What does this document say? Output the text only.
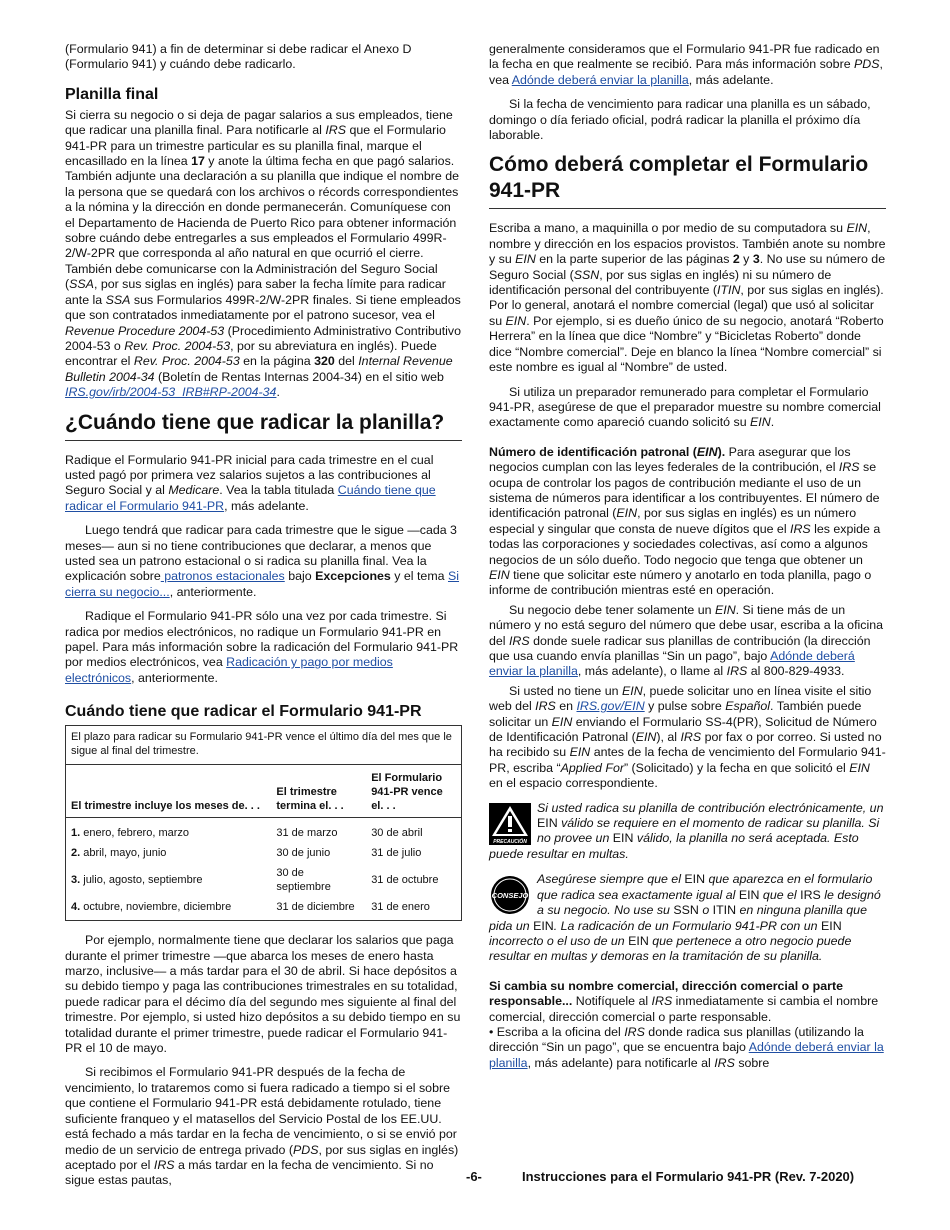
(Formulario 941) a fin de determinar si debe radicar el Anexo D (Formulario 941) y cuándo debe radicarlo.

Planilla final

Si cierra su negocio o si deja de pagar salarios a sus empleados, tiene que radicar una planilla final. Para notificarle al IRS que el Formulario 941-PR para un trimestre particular es su planilla final, marque el encasillado en la línea 17 y anote la última fecha en que pagó salarios. También adjunte una declaración a su planilla que indique el nombre de la persona que se quedará con los archivos o récords correspondientes a la nómina y la dirección en donde permanecerán. Comuníquese con el Departamento de Hacienda de Puerto Rico para obtener información sobre cuándo debe entregarles a sus empleados el Formulario 499R-2/W-2PR que corresponda al año natural en que ocurrió el cierre. También debe comunicarse con la Administración del Seguro Social (SSA, por sus siglas en inglés) para saber la fecha límite para radicar ante la SSA sus Formularios 499R-2/W-2PR finales. Si tiene empleados que son contratados inmediatamente por el patrono sucesor, vea el Revenue Procedure 2004-53 (Procedimiento Administrativo Contributivo 2004-53 o Rev. Proc. 2004-53, por su abreviatura en inglés). Puede encontrar el Rev. Proc. 2004-53 en la página 320 del Internal Revenue Bulletin 2004-34 (Boletín de Rentas Internas 2004-34) en el sitio web IRS.gov/irb/2004-53_IRB#RP-2004-34.

¿Cuándo tiene que radicar la planilla?

Radique el Formulario 941-PR inicial para cada trimestre en el cual usted pagó por primera vez salarios sujetos a las contribuciones al Seguro Social y al Medicare. Vea la tabla titulada Cuándo tiene que radicar el Formulario 941-PR, más adelante.

Luego tendrá que radicar para cada trimestre que le sigue —cada 3 meses— aun si no tiene contribuciones que declarar, a menos que usted sea un patrono estacional o si radica su planilla final. Vea la explicación sobre patronos estacionales bajo Excepciones y el tema Si cierra su negocio..., anteriormente.

Radique el Formulario 941-PR sólo una vez por cada trimestre. Si radica por medios electrónicos, no radique un Formulario 941-PR en papel. Para más información sobre la radicación del Formulario 941-PR por medios electrónicos, vea Radicación y pago por medios electrónicos, anteriormente.

Cuándo tiene que radicar el Formulario 941-PR
El plazo para radicar su Formulario 941-PR vence el último día del mes que le sigue al final del trimestre.
El trimestre incluye los meses de. . .	El trimestre termina el. . .	El Formulario 941-PR vence el. . .
1. enero, febrero, marzo	31 de marzo	30 de abril
2. abril, mayo, junio	30 de junio	31 de julio
3. julio, agosto, septiembre	30 de septiembre	31 de octubre
4. octubre, noviembre, diciembre	31 de diciembre	31 de enero

Por ejemplo, normalmente tiene que declarar los salarios que paga durante el primer trimestre —que abarca los meses de enero hasta marzo, inclusive— a más tardar para el 30 de abril. Si hace depósitos a su debido tiempo y paga las contribuciones trimestrales en su totalidad, puede radicar para el décimo día del segundo mes siguiente al final del trimestre. Por ejemplo, si usted hizo depósitos a su debido tiempo en su totalidad durante el primer trimestre, puede radicar el Formulario 941-PR el 10 de mayo.

Si recibimos el Formulario 941-PR después de la fecha de vencimiento, lo trataremos como si fuera radicado a tiempo si el sobre que contiene el Formulario 941-PR está debidamente rotulado, tiene suficiente franqueo y el matasellos del Servicio Postal de los EE.UU. está fechado a más tardar en la fecha de vencimiento, o si se envió por medio de un servicio de entrega privado (PDS, por sus siglas en inglés) aceptado por el IRS a más tardar en la fecha de vencimiento. Si no sigue estas pautas,

generalmente consideramos que el Formulario 941-PR fue radicado en la fecha en que realmente se recibió. Para más información sobre PDS, vea Adónde deberá enviar la planilla, más adelante.

Si la fecha de vencimiento para radicar una planilla es un sábado, domingo o día feriado oficial, podrá radicar la planilla el próximo día laborable.

Cómo deberá completar el Formulario 941-PR

Escriba a mano, a maquinilla o por medio de su computadora su EIN, nombre y dirección en los espacios provistos. También anote su nombre y su EIN en la parte superior de las páginas 2 y 3. No use su número de Seguro Social (SSN, por sus siglas en inglés) ni su número de identificación personal del contribuyente (ITIN, por sus siglas en inglés). Por lo general, anotará el nombre comercial (legal) que usó al solicitar su EIN. Por ejemplo, si es dueño único de su negocio, anotará “Roberto Herrera” en la línea que dice “Nombre” y “Bicicletas Roberto” donde dice “Nombre comercial”. Deje en blanco la línea “Nombre comercial” si este nombre es igual al “Nombre” de usted.

Si utiliza un preparador remunerado para completar el Formulario 941-PR, asegúrese de que el preparador muestre su nombre comercial exactamente como apareció cuando solicitó su EIN.

Número de identificación patronal (EIN). Para asegurar que los negocios cumplan con las leyes federales de la contribución, el IRS se ocupa de controlar los pagos de contribución mediante el uso de un sistema de números para identificar a los contribuyentes. El número de identificación patronal (EIN, por sus siglas en inglés) es un número especial y singular que consta de nueve dígitos que el IRS les expide a todas las corporaciones y sociedades colectivas, así como a algunos negocios de un sólo dueño. Todo negocio que tenga que obtener un EIN tiene que solicitar este número y anotarlo en toda planilla, pago o informe de contribución mientras esté en operación.

Su negocio debe tener solamente un EIN. Si tiene más de un número y no está seguro del número que debe usar, escriba a la oficina del IRS donde suele radicar sus planillas de contribución (la dirección que usa cuando envía planillas “Sin un pago”, bajo Adónde deberá enviar la planilla, más adelante), o llame al IRS al 800-829-4933.

Si usted no tiene un EIN, puede solicitar uno en línea visite el sitio web del IRS en IRS.gov/EIN y pulse sobre Español. También puede solicitar un EIN enviando el Formulario SS-4(PR), Solicitud de Número de Identificación Patronal (EIN), al IRS por fax o por correo. Si usted no ha recibido su EIN antes de la fecha de vencimiento del Formulario 941-PR, escriba “Applied For” (Solicitado) y la fecha en que solicitó el EIN en el espacio correspondiente.

PRECAUCIÓN
Si usted radica su planilla de contribución electrónicamente, un EIN válido se requiere en el momento de radicar su planilla. Si no provee un EIN válido, la planilla no será aceptada. Esto puede resultar en multas.
CONSEJO
Asegúrese siempre que el EIN que aparezca en el formulario que radica sea exactamente igual al EIN que el IRS le designó a su negocio. No use su SSN o ITIN en ninguna planilla que pida un EIN. La radicación de un Formulario 941-PR con un EIN incorrecto o el uso de un EIN que pertenece a otro negocio puede resultar en multas y demoras en la tramitación de su planilla.

Si cambia su nombre comercial, dirección comercial o parte responsable... Notifíquele al IRS inmediatamente si cambia el nombre comercial, dirección comercial o parte responsable.
• Escriba a la oficina del IRS donde radica sus planillas (utilizando la dirección “Sin un pago”, que se encuentra bajo Adónde deberá enviar la planilla, más adelante) para notificarle al IRS sobre

-6-	Instrucciones para el Formulario 941-PR (Rev. 7-2020)
